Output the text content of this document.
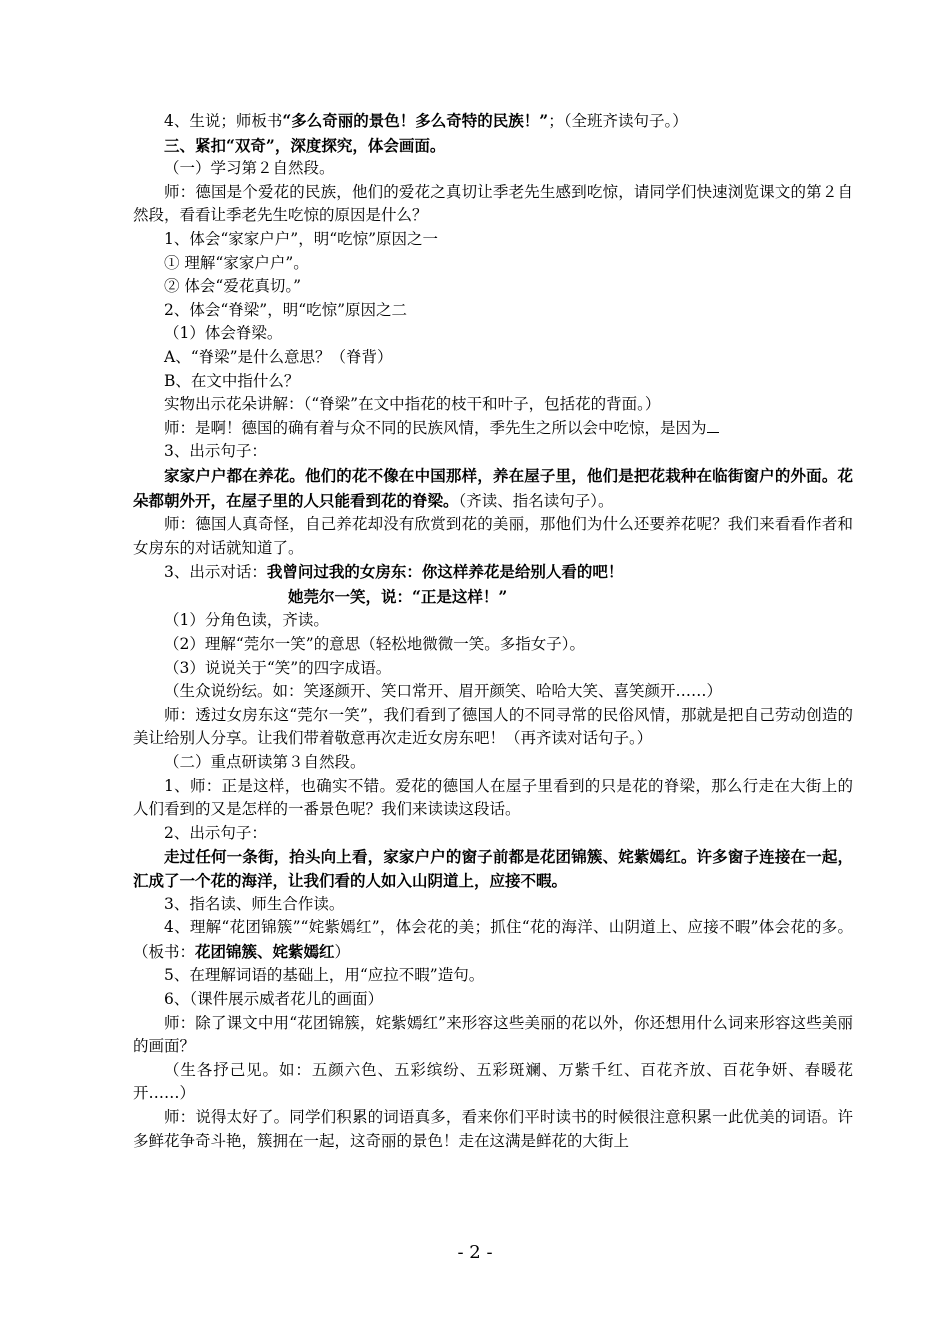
4、生说；师板书“多么奇丽的景色！多么奇特的民族！”；（全班齐读句子。）

三、紧扣“双奇”，深度探究，体会画面。

（一）学习第２自然段。

师：德国是个爱花的民族，他们的爱花之真切让季老先生感到吃惊，请同学们快速浏览课文的第２自然段，看看让季老先生吃惊的原因是什么？

1、体会“家家户户”，明“吃惊”原因之一

① 理解“家家户户”。

② 体会“爱花真切。”

2、体会“脊梁”，明“吃惊”原因之二

（1）体会脊梁。

A、“脊梁”是什么意思？（脊背）

B、在文中指什么？

实物出示花朵讲解：（“脊梁”在文中指花的枝干和叶子，包括花的背面。）

师：是啊！德国的确有着与众不同的民族风情，季先生之所以会中吃惊，是因为

3、出示句子：

家家户户都在养花。他们的花不像在中国那样，养在屋子里，他们是把花栽种在临街窗户的外面。花朵都朝外开，在屋子里的人只能看到花的脊梁。（齐读、指名读句子）。

师：德国人真奇怪，自己养花却没有欣赏到花的美丽，那他们为什么还要养花呢？我们来看看作者和女房东的对话就知道了。

3、出示对话：我曾问过我的女房东：你这样养花是给别人看的吧！

她莞尔一笑，说：“正是这样！”

（1）分角色读，齐读。

（2）理解“莞尔一笑”的意思（轻松地微微一笑。多指女子）。

（3）说说关于“笑”的四字成语。

（生众说纷纭。如：笑逐颜开、笑口常开、眉开颜笑、哈哈大笑、喜笑颜开……）

师：透过女房东这“莞尔一笑”，我们看到了德国人的不同寻常的民俗风情，那就是把自己劳动创造的美让给别人分享。让我们带着敬意再次走近女房东吧！（再齐读对话句子。）

（二）重点研读第３自然段。

1、师：正是这样，也确实不错。爱花的德国人在屋子里看到的只是花的脊梁，那么行走在大街上的人们看到的又是怎样的一番景色呢？我们来读读这段话。

2、出示句子：

走过任何一条街，抬头向上看，家家户户的窗子前都是花团锦簇、姹紫嫣红。许多窗子连接在一起，汇成了一个花的海洋，让我们看的人如入山阴道上，应接不暇。

3、指名读、师生合作读。

4、理解“花团锦簇”“姹紫嫣红”，体会花的美；抓住“花的海洋、山阴道上、应接不暇”体会花的多。（板书：花团锦簇、姹紫嫣红）

5、在理解词语的基础上，用“应拉不暇”造句。

6、（课件展示威者花儿的画面）

师：除了课文中用“花团锦簇，姹紫嫣红”来形容这些美丽的花以外，你还想用什么词来形容这些美丽的画面？

（生各抒己见。如：五颜六色、五彩缤纷、五彩斑斓、万紫千红、百花齐放、百花争妍、春暖花开……）

师：说得太好了。同学们积累的词语真多，看来你们平时读书的时候很注意积累一此优美的词语。许多鲜花争奇斗艳，簇拥在一起，这奇丽的景色！走在这满是鲜花的大街上

- 2 -
